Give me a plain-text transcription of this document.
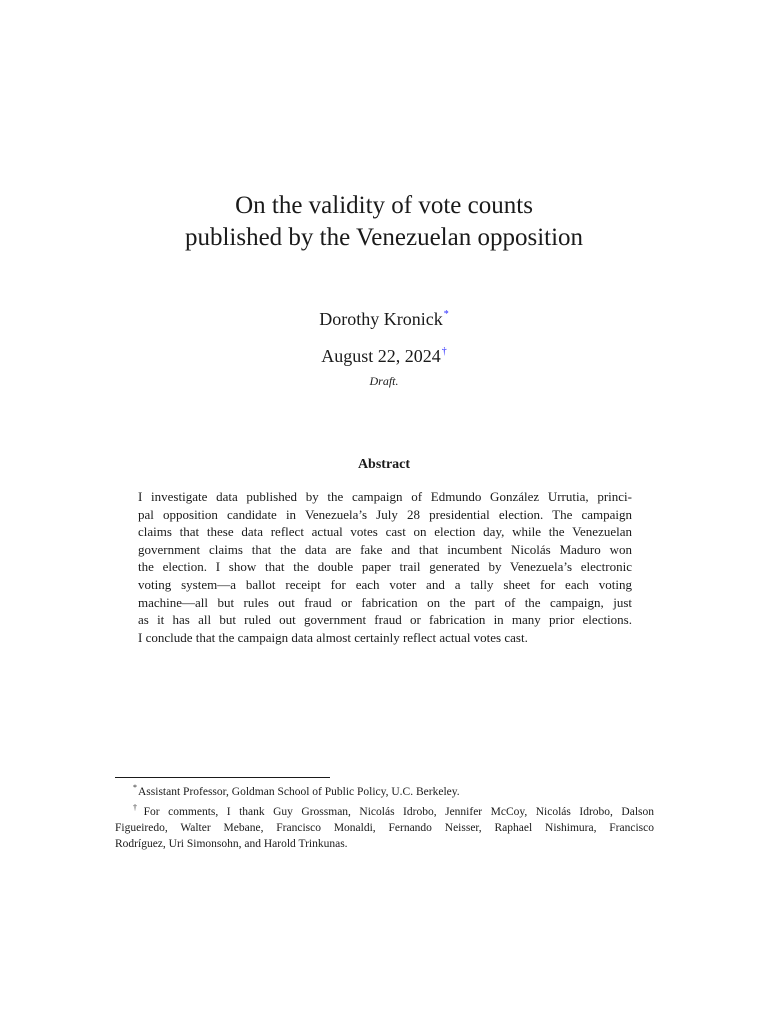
On the validity of vote counts
published by the Venezuelan opposition
Dorothy Kronick*
August 22, 2024†
Draft.
Abstract
I investigate data published by the campaign of Edmundo González Urrutia, princi-
pal opposition candidate in Venezuela’s July 28 presidential election. The campaign
claims that these data reflect actual votes cast on election day, while the Venezuelan
government claims that the data are fake and that incumbent Nicolás Maduro won
the election. I show that the double paper trail generated by Venezuela’s electronic
voting system—a ballot receipt for each voter and a tally sheet for each voting
machine—all but rules out fraud or fabrication on the part of the campaign, just
as it has all but ruled out government fraud or fabrication in many prior elections.
I conclude that the campaign data almost certainly reflect actual votes cast.
*Assistant Professor, Goldman School of Public Policy, U.C. Berkeley.
†For comments, I thank Guy Grossman, Nicolás Idrobo, Jennifer McCoy, Nicolás Idrobo, Dalson
Figueiredo, Walter Mebane, Francisco Monaldi, Fernando Neisser, Raphael Nishimura, Francisco
Rodríguez, Uri Simonsohn, and Harold Trinkunas.
